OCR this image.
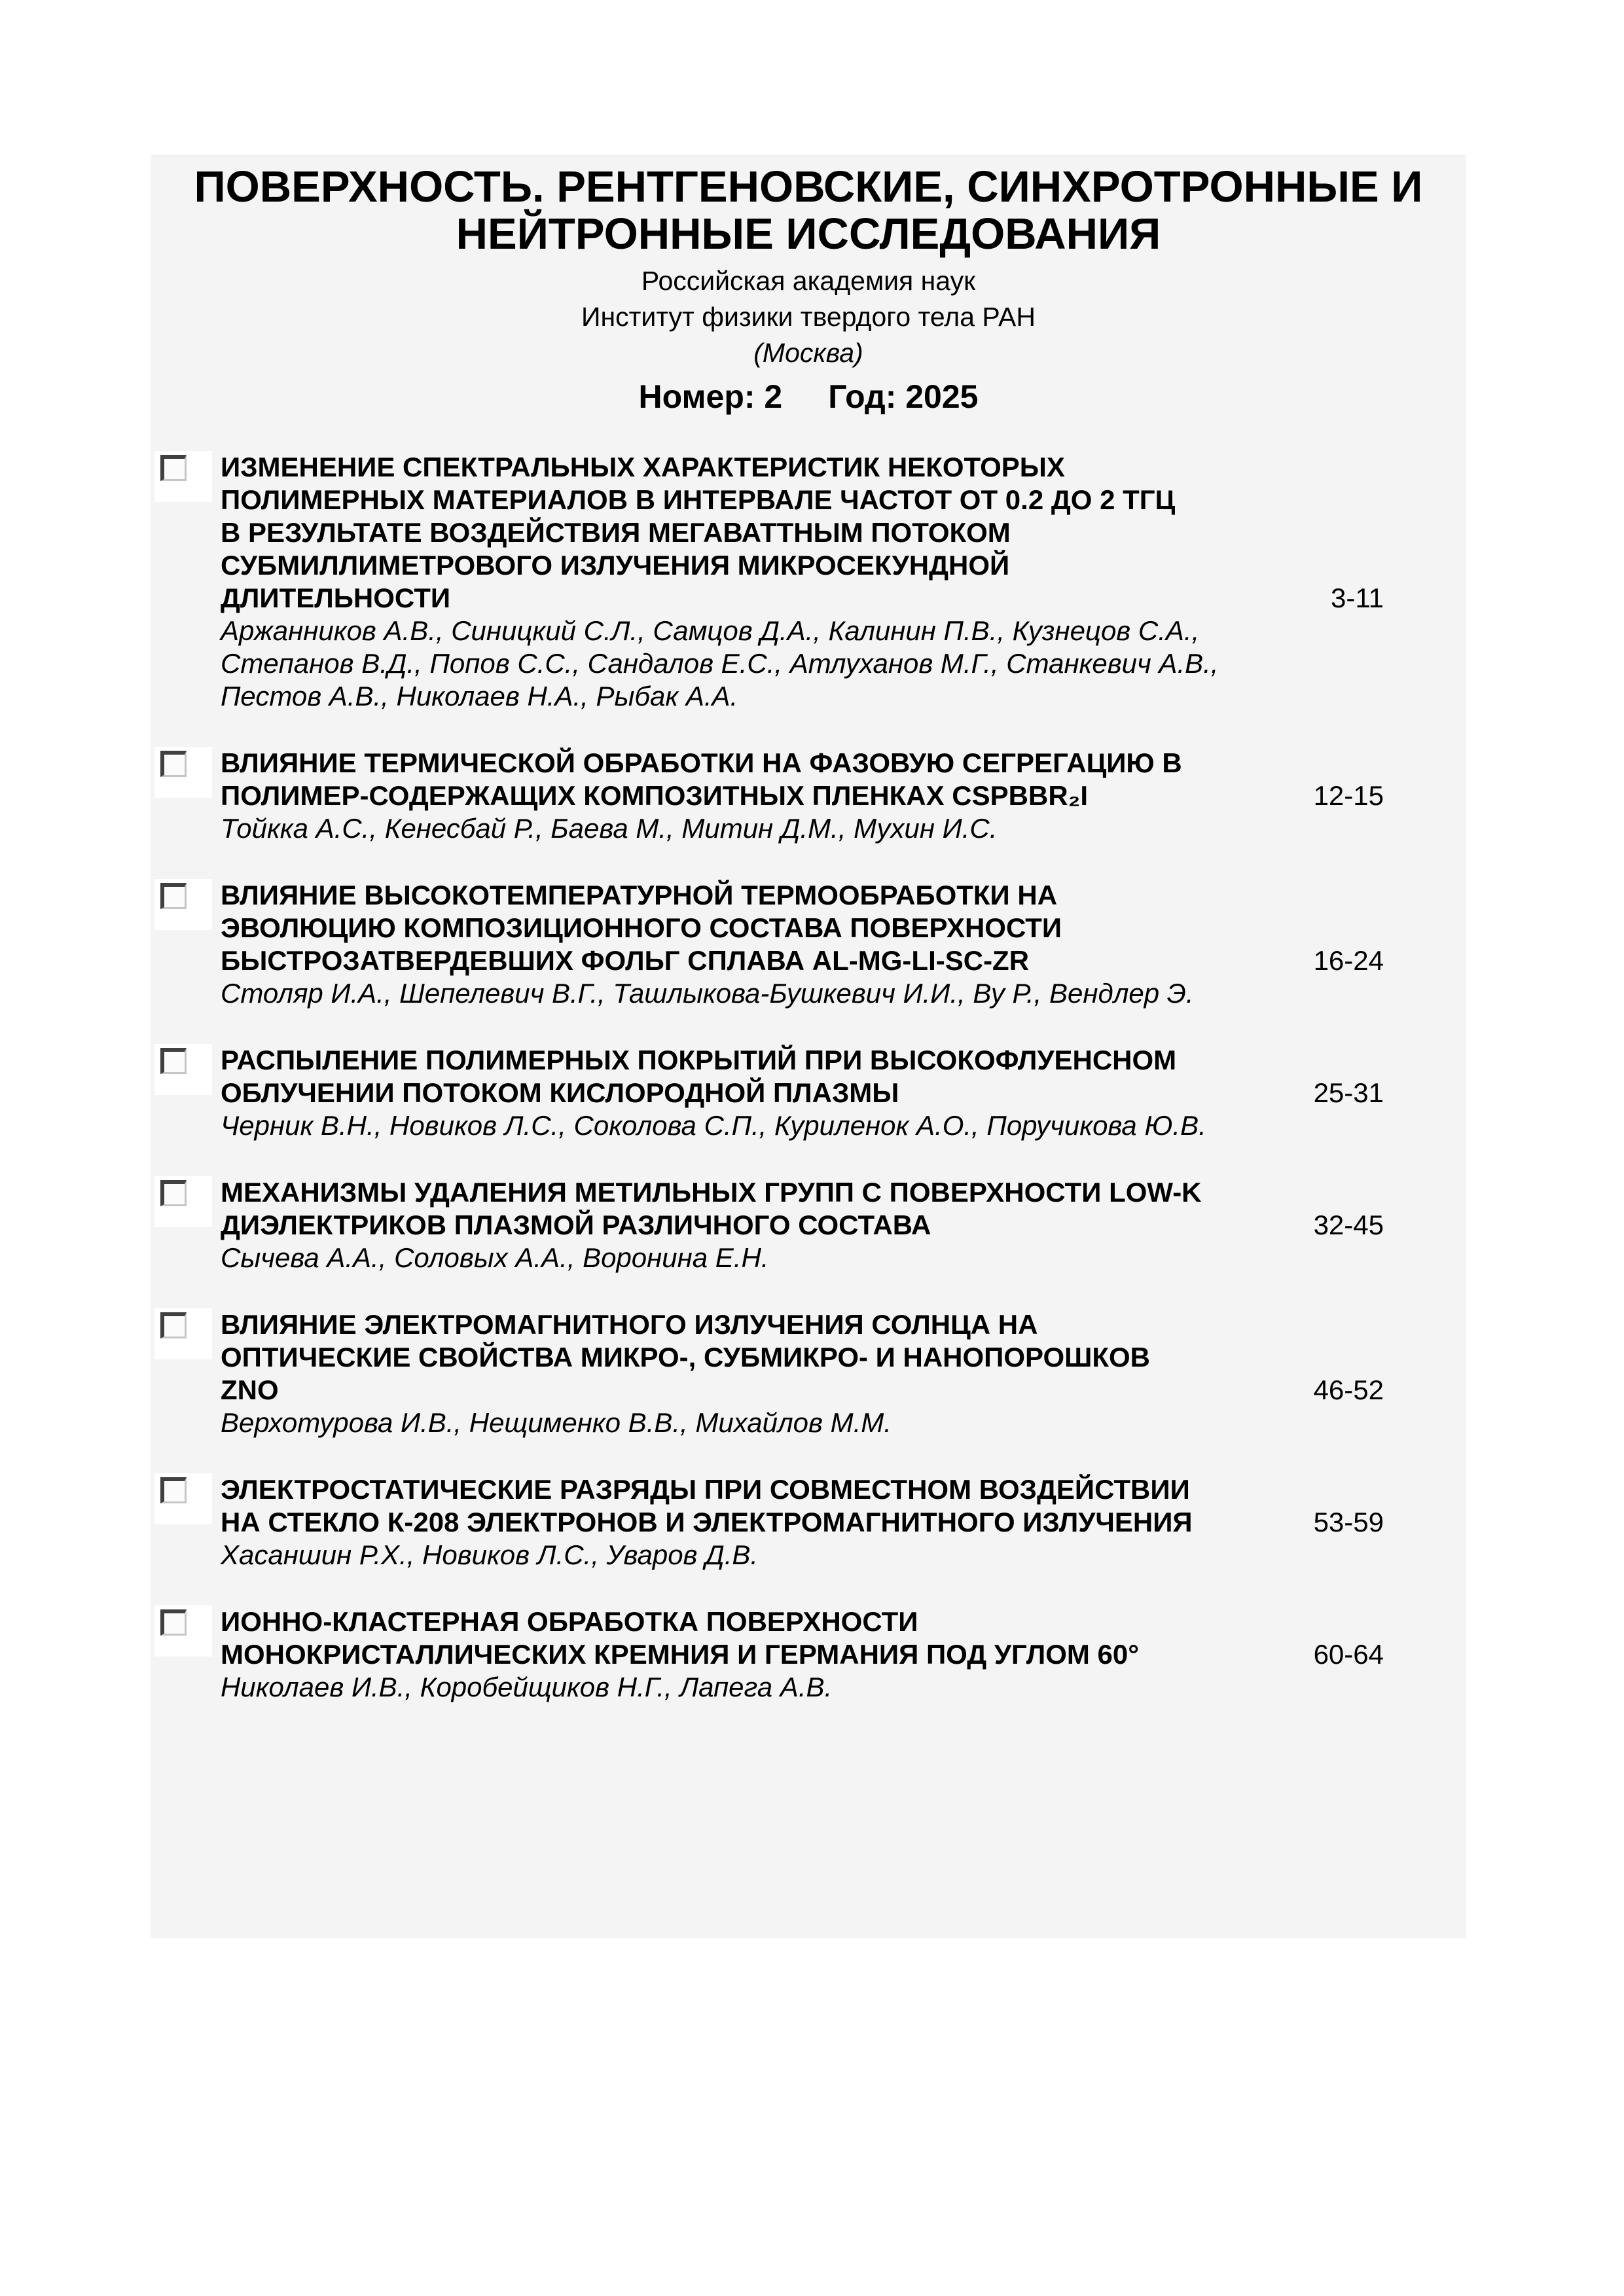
ПОВЕРХНОСТЬ. РЕНТГЕНОВСКИЕ, СИНХРОТРОННЫЕ И НЕЙТРОННЫЕ ИССЛЕДОВАНИЯ
Российская академия наук
Институт физики твердого тела РАН
(Москва)
Номер: 2 Год: 2025
ИЗМЕНЕНИЕ СПЕКТРАЛЬНЫХ ХАРАКТЕРИСТИК НЕКОТОРЫХ ПОЛИМЕРНЫХ МАТЕРИАЛОВ В ИНТЕРВАЛЕ ЧАСТОТ ОТ 0.2 ДО 2 ТГЦ В РЕЗУЛЬТАТЕ ВОЗДЕЙСТВИЯ МЕГАВАТТНЫМ ПОТОКОМ СУБМИЛЛИМЕТРОВОГО ИЗЛУЧЕНИЯ МИКРОСЕКУНДНОЙ ДЛИТЕЛЬНОСТИ	3-11
Аржанников А.В., Синицкий С.Л., Самцов Д.А., Калинин П.В., Кузнецов С.А., Степанов В.Д., Попов С.С., Сандалов Е.С., Атлуханов М.Г., Станкевич А.В., Пестов А.В., Николаев Н.А., Рыбак А.А.
ВЛИЯНИЕ ТЕРМИЧЕСКОЙ ОБРАБОТКИ НА ФАЗОВУЮ СЕГРЕГАЦИЮ В ПОЛИМЕР-СОДЕРЖАЩИХ КОМПОЗИТНЫХ ПЛЕНКАХ CSPBBR₂I	12-15
Тойкка А.С., Кенесбай Р., Баева М., Митин Д.М., Мухин И.С.
ВЛИЯНИЕ ВЫСОКОТЕМПЕРАТУРНОЙ ТЕРМООБРАБОТКИ НА ЭВОЛЮЦИЮ КОМПОЗИЦИОННОГО СОСТАВА ПОВЕРХНОСТИ БЫСТРОЗАТВЕРДЕВШИХ ФОЛЬГ СПЛАВА AL-MG-LI-SC-ZR	16-24
Столяр И.А., Шепелевич В.Г., Ташлыкова-Бушкевич И.И., Ву Р., Вендлер Э.
РАСПЫЛЕНИЕ ПОЛИМЕРНЫХ ПОКРЫТИЙ ПРИ ВЫСОКОФЛУЕНСНОМ ОБЛУЧЕНИИ ПОТОКОМ КИСЛОРОДНОЙ ПЛАЗМЫ	25-31
Черник В.Н., Новиков Л.С., Соколова С.П., Куриленок А.О., Поручикова Ю.В.
МЕХАНИЗМЫ УДАЛЕНИЯ МЕТИЛЬНЫХ ГРУПП С ПОВЕРХНОСТИ LOW-K ДИЭЛЕКТРИКОВ ПЛАЗМОЙ РАЗЛИЧНОГО СОСТАВА	32-45
Сычева А.А., Соловых А.А., Воронина Е.Н.
ВЛИЯНИЕ ЭЛЕКТРОМАГНИТНОГО ИЗЛУЧЕНИЯ СОЛНЦА НА ОПТИЧЕСКИЕ СВОЙСТВА МИКРО-, СУБМИКРО- И НАНОПОРОШКОВ ZNO	46-52
Верхотурова И.В., Нещименко В.В., Михайлов М.М.
ЭЛЕКТРОСТАТИЧЕСКИЕ РАЗРЯДЫ ПРИ СОВМЕСТНОМ ВОЗДЕЙСТВИИ НА СТЕКЛО К-208 ЭЛЕКТРОНОВ И ЭЛЕКТРОМАГНИТНОГО ИЗЛУЧЕНИЯ	53-59
Хасаншин Р.Х., Новиков Л.С., Уваров Д.В.
ИОННО-КЛАСТЕРНАЯ ОБРАБОТКА ПОВЕРХНОСТИ МОНОКРИСТАЛЛИЧЕСКИХ КРЕМНИЯ И ГЕРМАНИЯ ПОД УГЛОМ 60°	60-64
Николаев И.В., Коробейщиков Н.Г., Лапега А.В.
